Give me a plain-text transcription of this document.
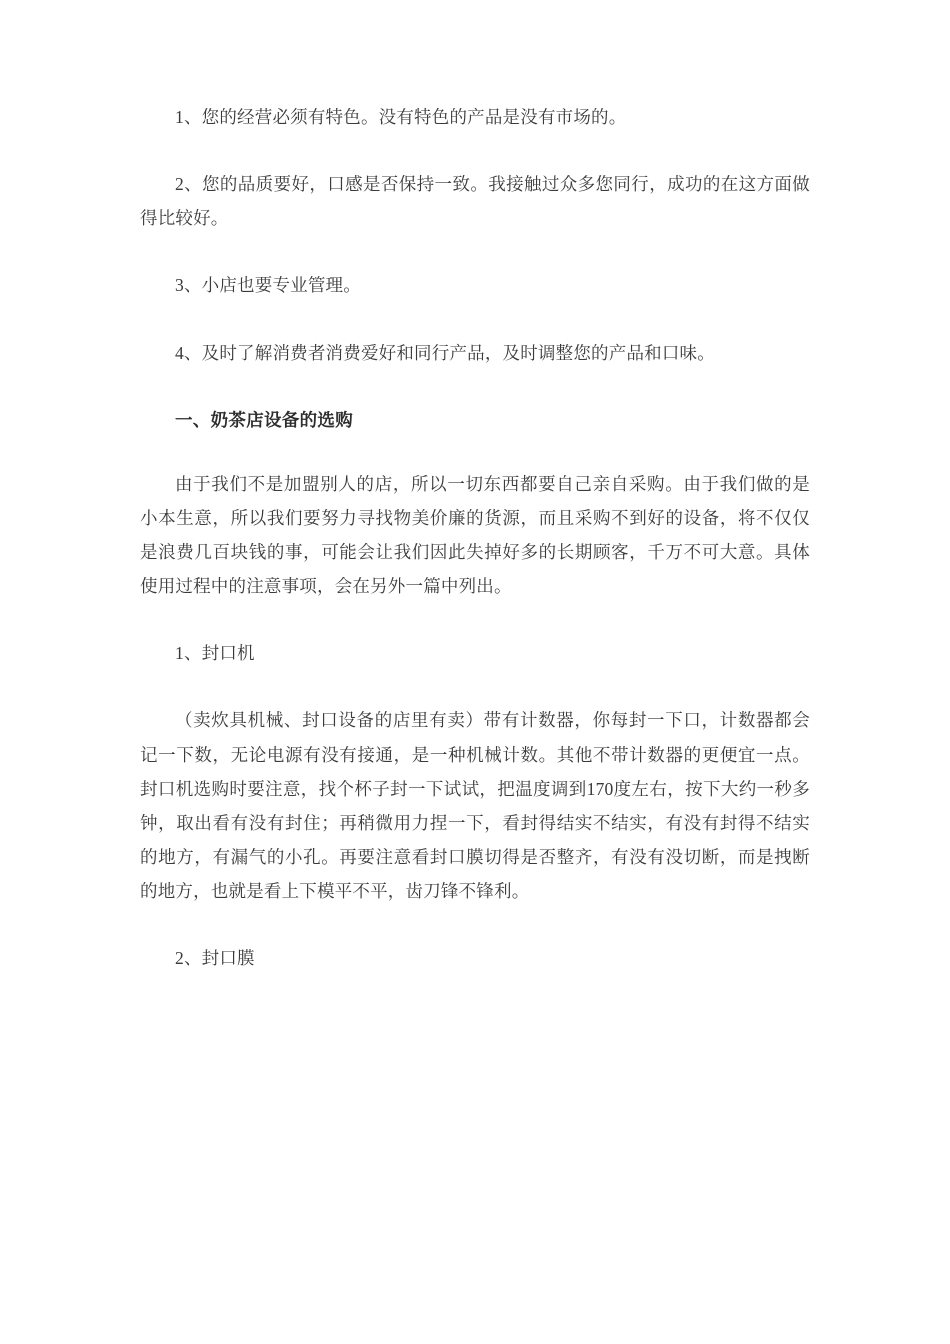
1、您的经营必须有特色。没有特色的产品是没有市场的。

2、您的品质要好，口感是否保持一致。我接触过众多您同行，成功的在这方面做得比较好。

3、小店也要专业管理。

4、及时了解消费者消费爱好和同行产品，及时调整您的产品和口味。

一、奶茶店设备的选购

由于我们不是加盟别人的店，所以一切东西都要自己亲自采购。由于我们做的是小本生意，所以我们要努力寻找物美价廉的货源，而且采购不到好的设备，将不仅仅是浪费几百块钱的事，可能会让我们因此失掉好多的长期顾客，千万不可大意。具体使用过程中的注意事项，会在另外一篇中列出。

1、封口机

（卖炊具机械、封口设备的店里有卖）带有计数器，你每封一下口，计数器都会记一下数，无论电源有没有接通，是一种机械计数。其他不带计数器的更便宜一点。封口机选购时要注意，找个杯子封一下试试，把温度调到170度左右，按下大约一秒多钟，取出看有没有封住；再稍微用力捏一下，看封得结实不结实，有没有封得不结实的地方，有漏气的小孔。再要注意看封口膜切得是否整齐，有没有没切断，而是拽断的地方，也就是看上下模平不平，齿刀锋不锋利。

2、封口膜
